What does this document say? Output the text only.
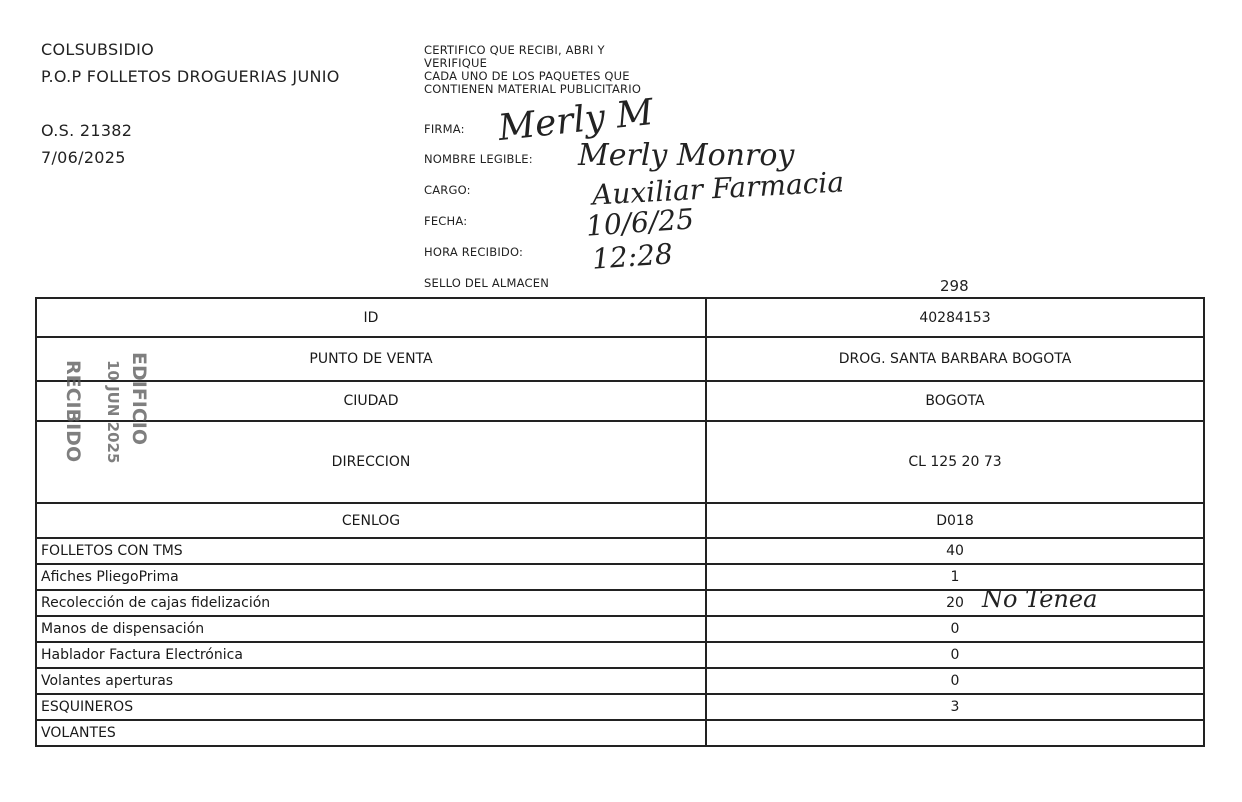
COLSUBSIDIO
P.O.P FOLLETOS DROGUERIAS JUNIO
O.S. 21382
7/06/2025
CERTIFICO QUE RECIBI, ABRI Y
VERIFIQUE
CADA UNO DE LOS PAQUETES QUE
CONTIENEN MATERIAL PUBLICITARIO
FIRMA: Merly M
NOMBRE LEGIBLE: Merly Monroy
CARGO:	Auxiliar Farmacia
FECHA:	10/6/25
HORA RECIBIDO: 12:28
SELLO DEL ALMACEN	298
ID	40284153
PUNTO DE VENTA	DROG. SANTA BARBARA BOGOTA
CIUDAD	BOGOTA
DIRECCION	CL 125 20 73
CENLOG	D018
FOLLETOS CON TMS	40
Afiches PliegoPrima	1
Recolección de cajas fidelización	20 No Tenea

Manos de dispensación	0
Hablador Factura Electrónica	0
Volantes aperturas	0
ESQUINEROS	3
VOLANTES	
EDIFICIO
10 JUN 2025
RECIBIDO
